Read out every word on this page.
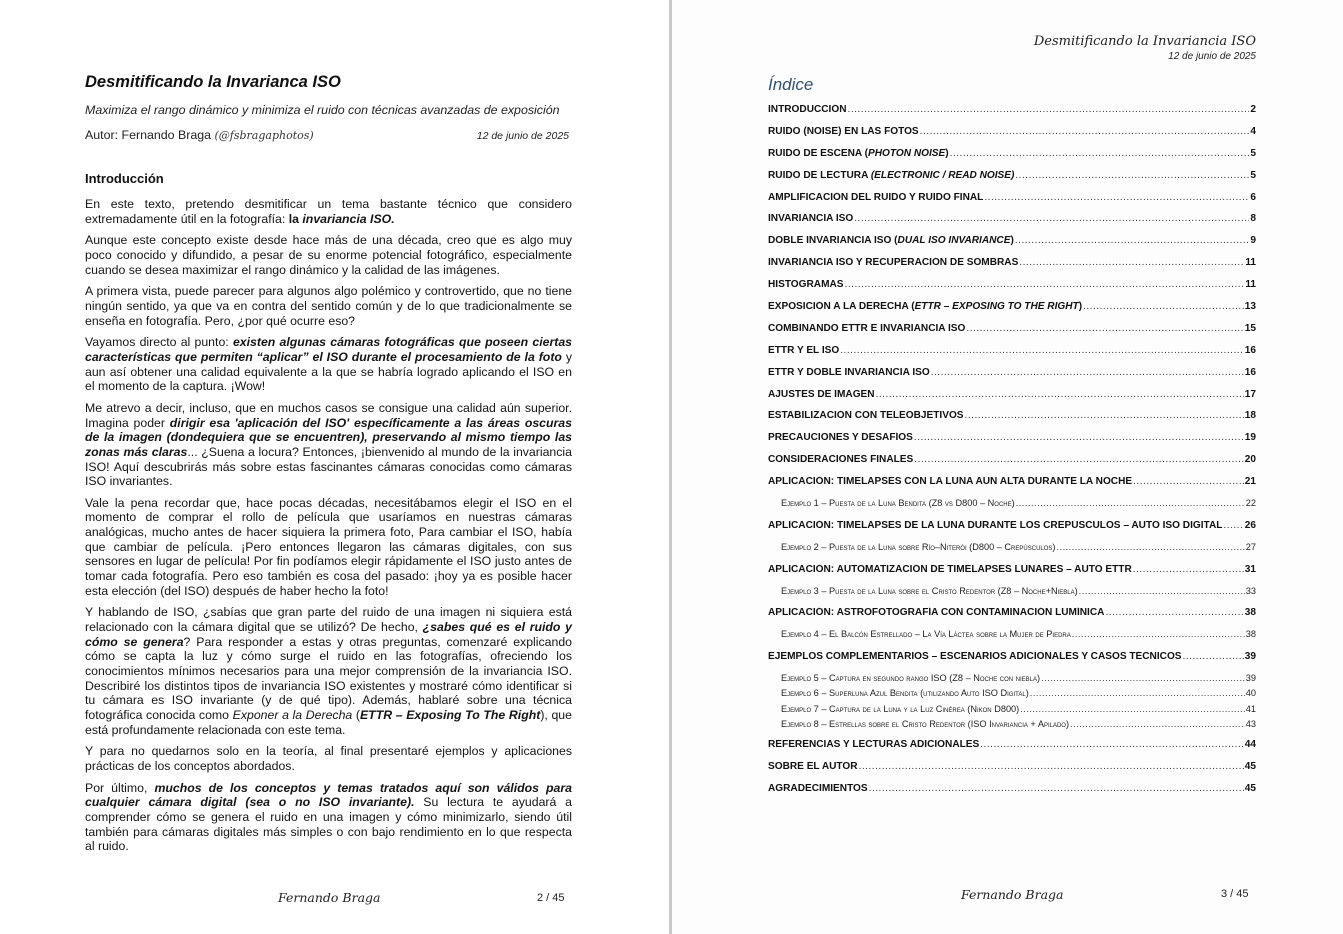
Desmitificando la Invarianca ISO
Maximiza el rango dinámico y minimiza el ruido con técnicas avanzadas de exposición
Autor: Fernando Braga (@fsbragaphotos)	12 de junio de 2025
Introducción

En este texto, pretendo desmitificar un tema bastante técnico que considero extremadamente útil en la fotografía: la invariancia ISO.

Aunque este concepto existe desde hace más de una década, creo que es algo muy poco conocido y difundido, a pesar de su enorme potencial fotográfico, especialmente cuando se desea maximizar el rango dinámico y la calidad de las imágenes.

A primera vista, puede parecer para algunos algo polémico y controvertido, que no tiene ningún sentido, ya que va en contra del sentido común y de lo que tradicionalmente se enseña en fotografía. Pero, ¿por qué ocurre eso?

Vayamos directo al punto: existen algunas cámaras fotográficas que poseen ciertas características que permiten “aplicar” el ISO durante el procesamiento de la foto y aun así obtener una calidad equivalente a la que se habría logrado aplicando el ISO en el momento de la captura. ¡Wow!

Me atrevo a decir, incluso, que en muchos casos se consigue una calidad aún superior. Imagina poder dirigir esa 'aplicación del ISO' específicamente a las áreas oscuras de la imagen (dondequiera que se encuentren), preservando al mismo tiempo las zonas más claras... ¿Suena a locura? Entonces, ¡bienvenido al mundo de la invariancia ISO! Aquí descubrirás más sobre estas fascinantes cámaras conocidas como cámaras ISO invariantes.

Vale la pena recordar que, hace pocas décadas, necesitábamos elegir el ISO en el momento de comprar el rollo de película que usaríamos en nuestras cámaras analógicas, mucho antes de hacer siquiera la primera foto, Para cambiar el ISO, había que cambiar de película. ¡Pero entonces llegaron las cámaras digitales, con sus sensores en lugar de película! Por fin podíamos elegir rápidamente el ISO justo antes de tomar cada fotografía. Pero eso también es cosa del pasado: ¡hoy ya es posible hacer esta elección (del ISO) después de haber hecho la foto!

Y hablando de ISO, ¿sabías que gran parte del ruido de una imagen ni siquiera está relacionado con la cámara digital que se utilizó? De hecho, ¿sabes qué es el ruido y cómo se genera? Para responder a estas y otras preguntas, comenzaré explicando cómo se capta la luz y cómo surge el ruido en las fotografías, ofreciendo los conocimientos mínimos necesarios para una mejor comprensión de la invariancia ISO. Describiré los distintos tipos de invariancia ISO existentes y mostraré cómo identificar si tu cámara es ISO invariante (y de qué tipo). Además, hablaré sobre una técnica fotográfica conocida como Exponer a la Derecha (ETTR – Exposing To The Right), que está profundamente relacionada con este tema.

Y para no quedarnos solo en la teoría, al final presentaré ejemplos y aplicaciones prácticas de los conceptos abordados.

Por último, muchos de los conceptos y temas tratados aquí son válidos para cualquier cámara digital (sea o no ISO invariante). Su lectura te ayudará a comprender cómo se genera el ruido en una imagen y cómo minimizarlo, siendo útil también para cámaras digitales más simples o con bajo rendimiento en lo que respecta al ruido.

Fernando Braga	2 / 45
Desmitificando la Invariancia ISO
12 de junio de 2025
Índice
INTRODUCCIÓN .....	2
RUIDO (NOISE) EN LAS FOTOS .....	4
RUIDO DE ESCENA (PHOTON NOISE) .....	5
RUIDO DE LECTURA (ELECTRONIC / READ NOISE) .....	5
AMPLIFICACIÓN DEL RUIDO Y RUIDO FINAL .....	6
INVARIANCIA ISO .....	8
DOBLE INVARIANCIA ISO (DUAL ISO INVARIANCE) .....	9
INVARIANCIA ISO Y RECUPERACIÓN DE SOMBRAS .....	11
HISTOGRAMAS .....	11
EXPOSICIÓN A LA DERECHA (ETTR – EXPOSING TO THE RIGHT) .....	13
COMBINANDO ETTR E INVARIANCIA ISO .....	15
ETTR Y EL ISO .....	16
ETTR Y DOBLE INVARIANCIA ISO .....	16
AJUSTES DE IMAGEN .....	17
ESTABILIZACIÓN CON TELEOBJETIVOS .....	18
PRECAUCIONES Y DESAFÍOS .....	19
CONSIDERACIONES FINALES .....	20
APLICACIÓN: TIMELAPSES CON LA LUNA AÚN ALTA DURANTE LA NOCHE .....	21
Ejemplo 1 – Puesta de la Luna Bendita (Z8 vs D800 – Noche) .....	22
APLICACIÓN: TIMELAPSES DE LA LUNA DURANTE LOS CREPÚSCULOS – AUTO ISO DIGITAL ..... 26
Ejemplo 2 – Puesta de la Luna sobre Río–Niterói (D800 – Crepúsculos) .....	27
APLICACIÓN: AUTOMATIZACIÓN DE TIMELAPSES LUNARES – AUTO ETTR .....	31
Ejemplo 3 – Puesta de la Luna sobre el Cristo Redentor (Z8 – Noche+Niebla) .....	33
APLICACIÓN: ASTROFOTOGRAFÍA CON CONTAMINACIÓN LUMÍNICA .....	38
Ejemplo 4 – El Balcón Estrellado – La Vía Láctea sobre la Mujer de Piedra .....	38
EJEMPLOS COMPLEMENTARIOS – ESCENARIOS ADICIONALES Y CASOS TÉCNICOS .....	39
Ejemplo 5 – Captura en segundo rango ISO (Z8 – Noche con niebla) .....	39
Ejemplo 6 – Superluna Azul Bendita (utilizando Auto ISO Digital) .....	40
Ejemplo 7 – Captura de la Luna y la Luz Cinérea (Nikon D800) .....	41
Ejemplo 8 – Estrellas sobre el Cristo Redentor (ISO Invariancia + Apilado) .....	43
REFERENCIAS Y LECTURAS ADICIONALES .....	44
SOBRE EL AUTOR .....	45
AGRADECIMIENTOS .....	45
Fernando Braga	3 / 45
